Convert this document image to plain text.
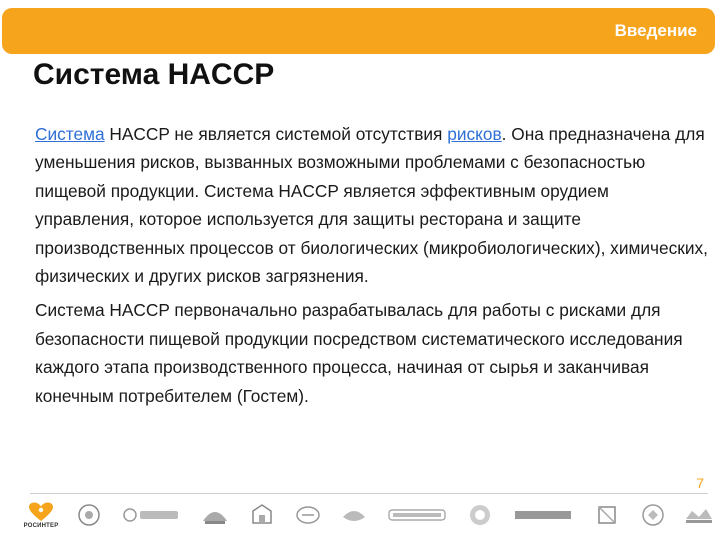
Введение
Система HACCP

Система HACCP не является системой отсутствия рисков. Она предназначена для уменьшения рисков, вызванных возможными проблемами с безопасностью пищевой продукции. Система HACCP является эффективным орудием управления, которое используется для защиты ресторана и защите производственных процессов от биологических (микробиологических), химических, физических и других рисков загрязнения.

Система HACCP первоначально разрабатывалась для работы с рисками для безопасности пищевой продукции посредством систематического исследования каждого этапа производственного процесса, начиная от сырья и заканчивая конечным потребителем (Гостем).

7
РОСИНТЕР
